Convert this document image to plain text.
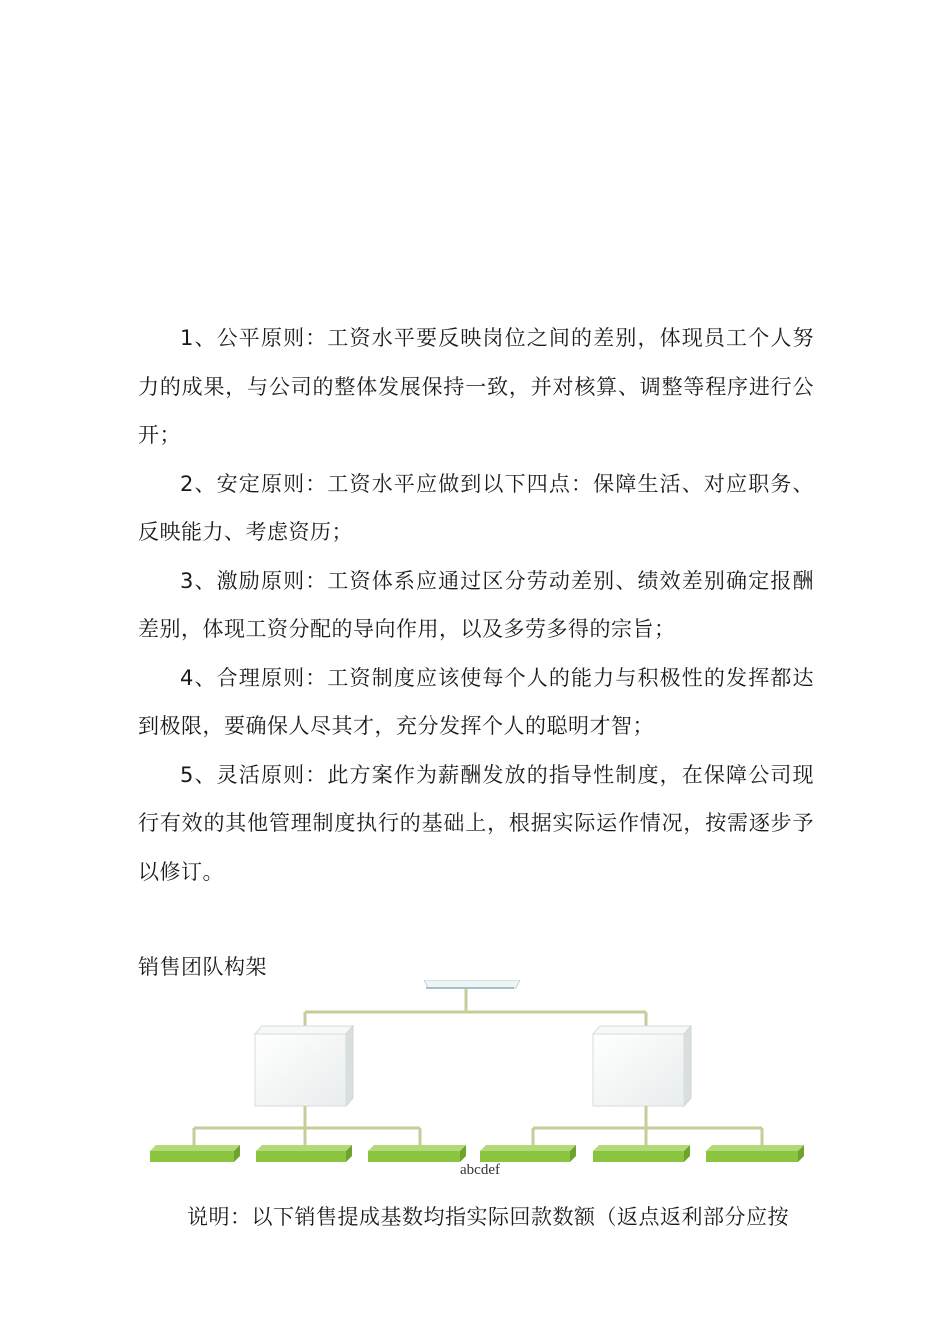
1、公平原则：工资水平要反映岗位之间的差别，体现员工个人努力的成果，与公司的整体发展保持一致，并对核算、调整等程序进行公开；

2、安定原则：工资水平应做到以下四点：保障生活、对应职务、反映能力、考虑资历；

3、激励原则：工资体系应通过区分劳动差别、绩效差别确定报酬差别，体现工资分配的导向作用，以及多劳多得的宗旨；

4、合理原则：工资制度应该使每个人的能力与积极性的发挥都达到极限，要确保人尽其才，充分发挥个人的聪明才智；

5、灵活原则：此方案作为薪酬发放的指导性制度，在保障公司现行有效的其他管理制度执行的基础上，根据实际运作情况，按需逐步予以修订。

销售团队构架

abcdef

说明：以下销售提成基数均指实际回款数额（返点返利部分应按
